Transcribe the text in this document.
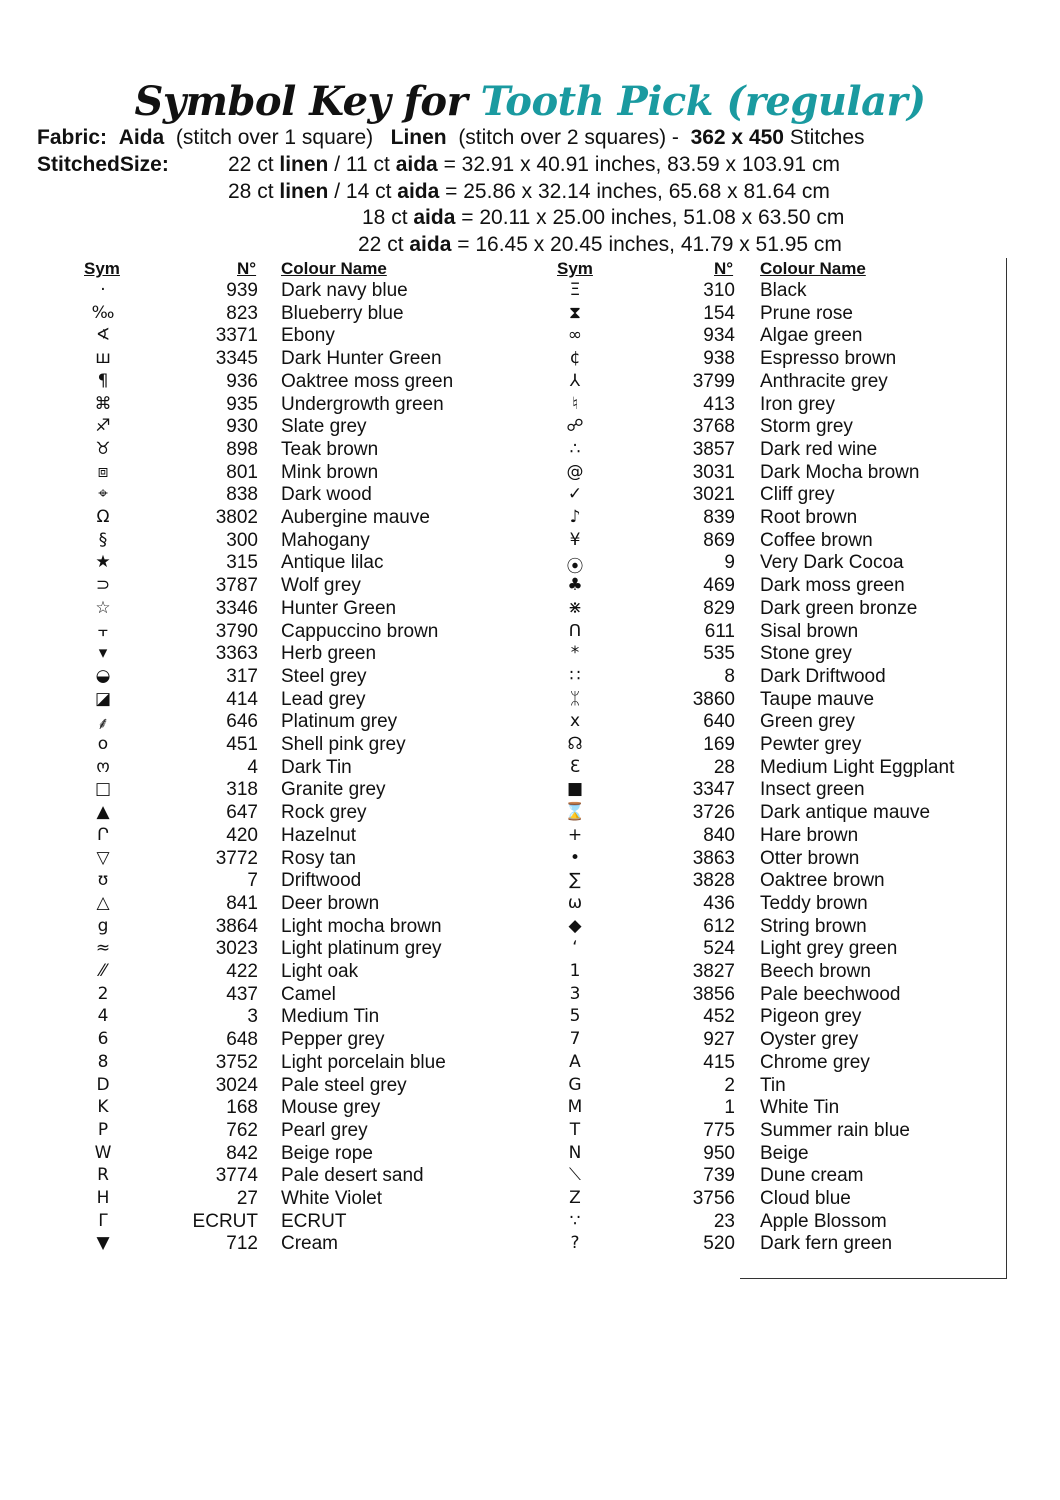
Symbol Key for Tooth Pick (regular)
Fabric: Aida (stitch over 1 square) Linen (stitch over 2 squares) - 362 x 450 Stitches
StitchedSize:	22 ct linen / 11 ct aida = 32.91 x 40.91 inches, 83.59 x 103.91 cm
28 ct linen / 14 ct aida = 25.86 x 32.14 inches, 65.68 x 81.64 cm
18 ct aida = 20.11 x 25.00 inches, 51.08 x 63.50 cm
22 ct aida = 16.45 x 20.45 inches, 41.79 x 51.95 cm
Sym	N° Colour Name	Sym	N° Colour Name
·	939 Dark navy blue
‰	823 Blueberry blue
∢	3371 Ebony
ш	3345 Dark Hunter Green
¶	936 Oaktree moss green
⌘	935 Undergrowth green
♐	930 Slate grey
♉	898 Teak brown
⧈	801 Mink brown
⌖	838 Dark wood
Ω	3802 Aubergine mauve
§	300 Mahogany
★	315 Antique lilac
⊃	3787 Wolf grey
☆	3346 Hunter Green
⫟	3790 Cappuccino brown
▾	3363 Herb green
◒	317 Steel grey
◪	414 Lead grey
⸙	646 Platinum grey
o	451 Shell pink grey
ო	4 Dark Tin
□	318 Granite grey
▲	647 Rock grey
Ր	420 Hazelnut
▽	3772 Rosy tan
ʊ	7 Driftwood
△	841 Deer brown
g	3864 Light mocha brown
≈	3023 Light platinum grey
⁄⁄	422 Light oak
2	437 Camel
4	3 Medium Tin
6	648 Pepper grey
8	3752 Light porcelain blue
D	3024 Pale steel grey
K	168 Mouse grey
P	762 Pearl grey
W	842 Beige rope
R	3774 Pale desert sand
H	27 White Violet
Γ	ECRUT ECRUT
▼	712 Cream
Ξ	310 Black
⧗	154 Prune rose
∞	934 Algae green
¢	938 Espresso brown
⅄	3799 Anthracite grey
♮	413 Iron grey
☍	3768 Storm grey
∴	3857 Dark red wine
@	3031 Dark Mocha brown
✓	3021 Cliff grey
♪	839 Root brown
¥	869 Coffee brown
⦿	9 Very Dark Cocoa
♣	469 Dark moss green
⋇	829 Dark green bronze
ᑎ	611 Sisal brown
*	535 Stone grey
∷	8 Dark Driftwood
ᛯ	3860 Taupe mauve
x	640 Green grey
☊	169 Pewter grey
Ɛ	28 Medium Light Eggplant
■	3347 Insect green
⌛	3726 Dark antique mauve
+	840 Hare brown
•	3863 Otter brown
∑	3828 Oaktree brown
ω	436 Teddy brown
◆	612 String brown
ʻ	524 Light grey green
1	3827 Beech brown
3	3856 Pale beechwood
5	452 Pigeon grey
7	927 Oyster grey
A	415 Chrome grey
G	2 Tin
M	1 White Tin
T	775 Summer rain blue
N	950 Beige
⟍	739 Dune cream
Z	3756 Cloud blue
∵	23 Apple Blossom
?	520 Dark fern green
